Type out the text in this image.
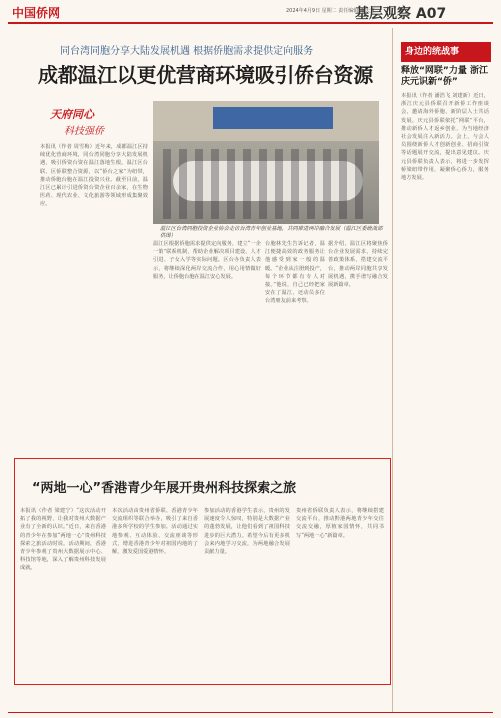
中国侨网	2024年4月9日 星期二 责任编辑:李天亚
基层观察 A07
同台湾同胞分享大陆发展机遇 根据侨胞需求提供定向服务
成都温江以更优营商环境吸引侨台资源
天府同心
科技强侨
本报讯（作者 周雪梅）近年来，成都温江区持续优化营商环境，同台湾同胞分享大陆发展机遇，吸引侨资台资在温江落地生根。温江区台联、区侨联整合资源，以“侨台之家”为纽带，推动侨胞台胞在温江投资兴业。截至目前，温江区已累计引进侨资台资企业百余家，在生物医药、现代农业、文化旅游等领域形成集聚效应。
温江区台湾同胞投资企业协会走访台湾青年创业基地，共同推进两岸融合发展（温江区委统战部供图）
温江区根据侨胞需求提供定向服务，建立“一企一策”联系机制，帮助企业解决项目建设、人才引进、子女入学等实际问题。区台办负责人表示，将继续深化两岸交流合作，用心用情做好服务，让侨胞台胞在温江安心发展。
台胞林先生告诉记者，温江便捷高效的政务服务让他感受到家一般的温暖。“企业从注册到投产，每个环节都有专人对接。”他说，自己已经把家安在了温江，还动员多位台湾朋友前来考察。
据介绍，温江区将聚焦侨台企业发展需求，持续完善政策体系，搭建交流平台，推动两岸同胞共享发展机遇，携手谱写融合发展新篇章。
身边的统战事
释放“网联”力量 浙江庆元识新“侨”
本报讯（作者 潘浩飞 刘建新）近日，浙江庆元县侨联召开新侨工作座谈会，邀请海外侨胞、新阶层人士共话发展。庆元县侨联依托“网联”平台，推动新侨人才返乡创业，为当地经济社会发展注入新活力。会上，与会人员围绕新侨人才创新创业、招商引资等话题展开交流，提出意见建议。庆元县侨联负责人表示，将进一步发挥桥梁纽带作用，凝聚侨心侨力，服务地方发展。
“两地一心”香港青少年展开贵州科技探索之旅
本报讯（作者 梁建宁）“这次活动开拓了我的视野，让我对贵州大数据产业有了全新的认识。”近日，来自香港的青少年在参加“两地一心”贵州科技探索之旅活动时说。活动期间，香港青少年参观了贵州大数据展示中心、科技馆等地，深入了解贵州科技发展成就。
本次活动由贵州省侨联、香港青少年交流组织等联合举办，吸引了来自香港多所学校的学生参加。活动通过实地参观、互动体验、交流座谈等形式，增进香港青少年对祖国内地的了解，激发爱国爱港情怀。
参加活动的香港学生表示，贵州的发展速度令人惊叹，特别是大数据产业的蓬勃发展，让他们看到了祖国科技进步的巨大潜力。希望今后有更多机会来内地学习交流，为两地融合发展贡献力量。
贵州省侨联负责人表示，将继续搭建交流平台，推动黔港两地青少年交往交流交融，厚植家国情怀，共同书写“两地一心”新篇章。
